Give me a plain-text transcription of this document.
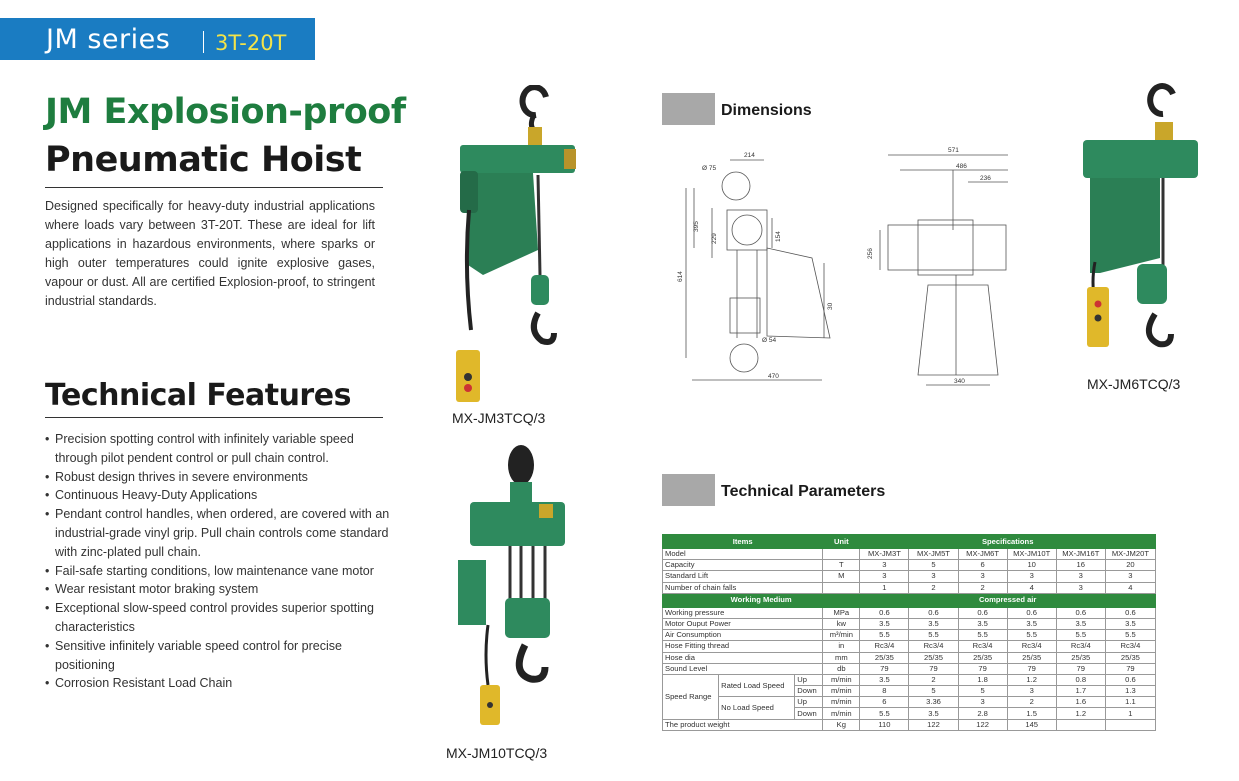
JM series 3T-20T
JM Explosion-proof
Pneumatic Hoist
Designed specifically for heavy-duty industrial applications where loads vary between 3T-20T. These are ideal for lift applications in hazardous environments, where sparks or high outer temperatures could ignite explosive gases, vapour or dust. All are certified Explosion-proof, to stringent industrial standards.
Technical Features
• Precision spotting control with infinitely variable speed through pilot pendent control or pull chain control.
• Robust design thrives in severe environments
• Continuous Heavy-Duty Applications
• Pendant control handles, when ordered, are covered with an industrial-grade vinyl grip. Pull chain controls come standard with zinc-plated pull chain.
• Fail-safe starting conditions, low maintenance vane motor
• Wear resistant motor braking system
• Exceptional slow-speed control provides superior spotting characteristics
• Sensitive infinitely variable speed control for precise positioning
• Corrosion Resistant Load Chain
MX-JM3TCQ/3
MX-JM10TCQ/3
Dimensions
214
Ø 75
395
229	154
614
30
Ø 54
470
571
486
236
256
340	MX-JM6TCQ/3
Technical Parameters
Items			Unit	Specifications					
Model				MX-JM3T	MX-JM5T	MX-JM6T	MX-JM10T	MX-JM16T	MX-JM20T
Capacity			T	3	5	6	10	16	20
Standard Lift			M	3	3	3	3	3	3
Number of chain falls				1	2	2	4	3	4
Working Medium				Compressed air					
Working pressure			MPa	0.6	0.6	0.6	0.6	0.6	0.6
Motor Ouput Power			kw	3.5	3.5	3.5	3.5	3.5	3.5
Air Consumption			m³/min	5.5	5.5	5.5	5.5	5.5	5.5
Hose Fitting thread			in	Rc3/4	Rc3/4	Rc3/4	Rc3/4	Rc3/4	Rc3/4
Hose dia			mm	25/35	25/35	25/35	25/35	25/35	25/35
Sound Level			db	79	79	79	79	79	79
Speed Range	Rated Load Speed	Up	m/min	3.5	2	1.8	1.2	0.8	0.6
		Down	m/min	8	5	5	3	1.7	1.3
	No Load Speed	Up	m/min	6	3.36	3	2	1.6	1.1
		Down	m/min	5.5	3.5	2.8	1.5	1.2	1
The product weight			Kg	110	122	122	145		
